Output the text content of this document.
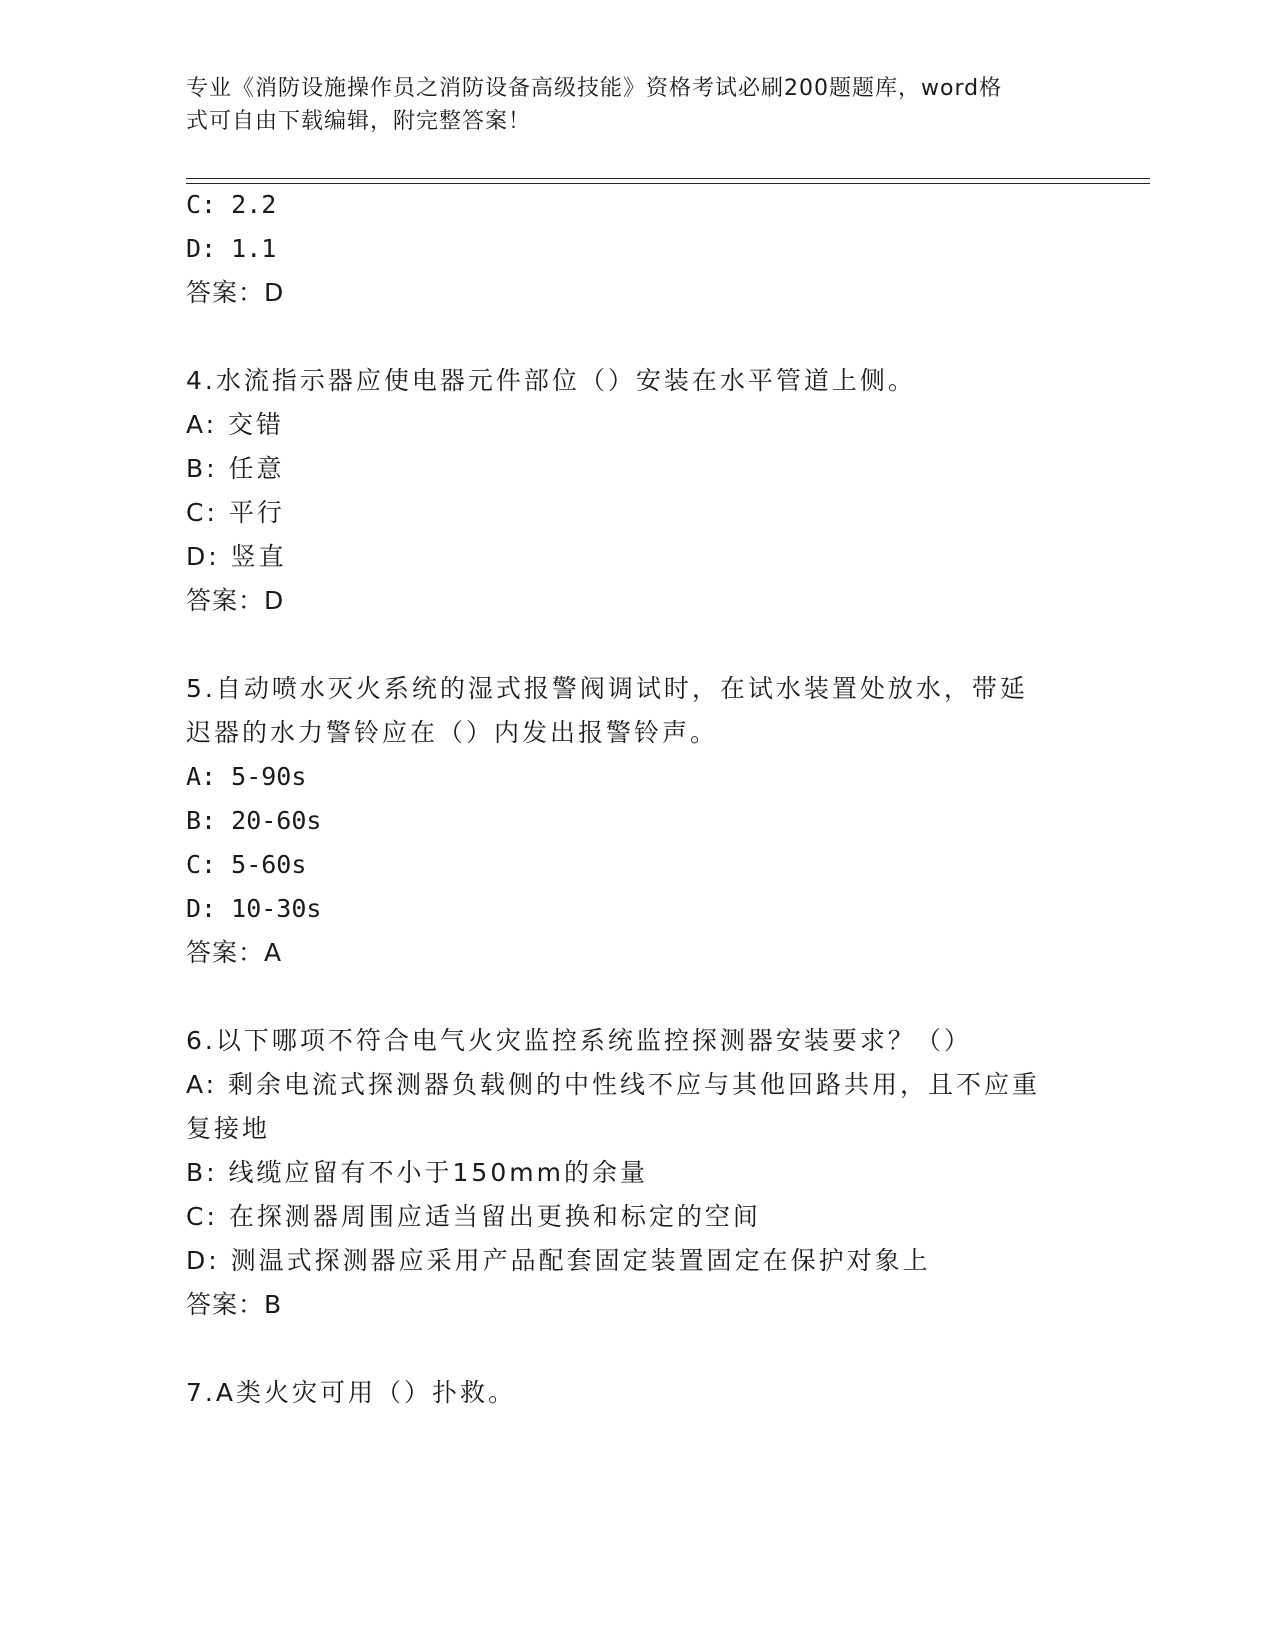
专业《消防设施操作员之消防设备高级技能》资格考试必刷200题题库，word格
式可自由下载编辑，附完整答案！
C: 2.2
D: 1.1
答案：D
4.水流指示器应使电器元件部位（）安装在水平管道上侧。
A: 交错
B: 任意
C: 平行
D: 竖直
答案：D
5.自动喷水灭火系统的湿式报警阀调试时，在试水装置处放水，带延
迟器的水力警铃应在（）内发出报警铃声。
A: 5-90s
B: 20-60s
C: 5-60s
D: 10-30s
答案：A
6.以下哪项不符合电气火灾监控系统监控探测器安装要求？（）
A: 剩余电流式探测器负载侧的中性线不应与其他回路共用，且不应重
复接地
B: 线缆应留有不小于150mm的余量
C: 在探测器周围应适当留出更换和标定的空间
D: 测温式探测器应采用产品配套固定装置固定在保护对象上
答案：B
7.A类火灾可用（）扑救。
